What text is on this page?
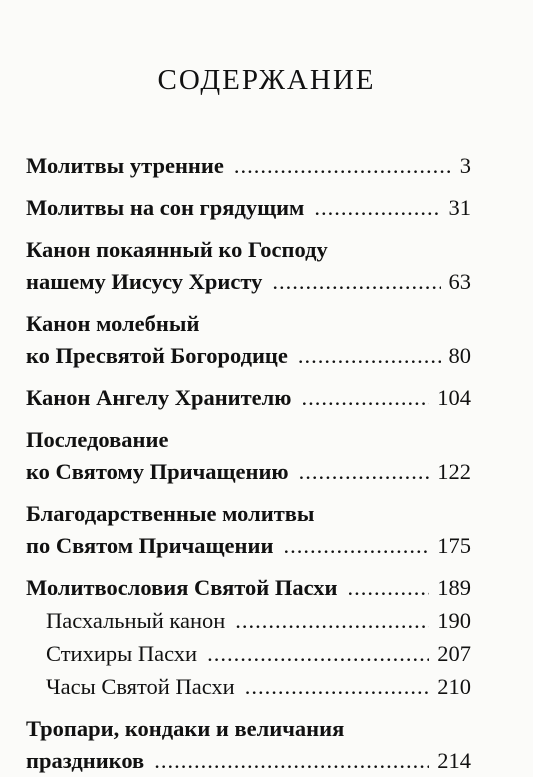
СОДЕРЖАНИЕ
Молитвы утренние .....	3
Молитвы на сон грядущим .....	31
Канон покаянный ко Господу
нашему Иисусу Христу .....	63
Канон молебный
ко Пресвятой Богородице .....	80
Канон Ангелу Хранителю .....	104
Последование
ко Святому Причащению .....	122
Благодарственные молитвы
по Святом Причащении .....	175
Молитвословия Святой Пасхи .....	189
Пасхальный канон .....	190
Стихиры Пасхи .....	207
Часы Святой Пасхи .....	210
Тропари, кондаки и величания
праздников .....	214
